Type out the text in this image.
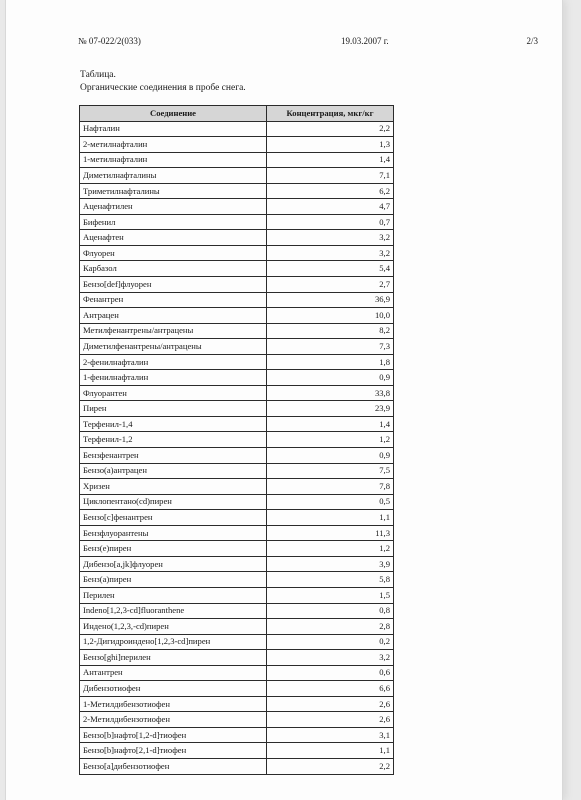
№ 07-022/2(033)	19.03.2007 г.	2/3
Таблица.
Органические соединения в пробе снега.
Соединение	Концентрация, мкг/кг
Нафталин	2,2
2-метилнафталин	1,3
1-метилнафталин	1,4
Диметилнафталины	7,1
Триметилнафталины	6,2
Аценафтилен	4,7
Бифенил	0,7
Аценафтен	3,2
Флуорен	3,2
Карбазол	5,4
Бензо[def]флуорен	2,7
Фенантрен	36,9
Антрацен	10,0
Метилфенантрены/антрацены	8,2
Диметилфенантрены/антрацены	7,3
2-фенилнафталин	1,8
1-фенилнафталин	0,9
Флуорантен	33,8
Пирен	23,9
Терфенил-1,4	1,4
Терфенил-1,2	1,2
Бензфенантрен	0,9
Бензо(а)антрацен	7,5
Хризен	7,8
Циклопентано(cd)пирен	0,5
Бензо[с]фенантрен	1,1
Бензфлуорантены	11,3
Бенз(е)пирен	1,2
Дибензо[a,jk]флуорен	3,9
Бенз(а)пирен	5,8
Перилен	1,5
Indeno[1,2,3-cd]fluoranthene	0,8
Индено(1,2,3,-cd)пирен	2,8
1,2-Дигидроиндено[1,2,3-cd]пирен	0,2
Бензо[ghi]перилен	3,2
Антантрен	0,6
Дибензотиофен	6,6
1-Метилдибензотиофен	2,6
2-Метилдибензотиофен	2,6
Бензо[b]нафто[1,2-d]тиофен	3,1
Бензо[b]нафто[2,1-d]тиофен	1,1
Бензо[a]дибензотиофен	2,2
